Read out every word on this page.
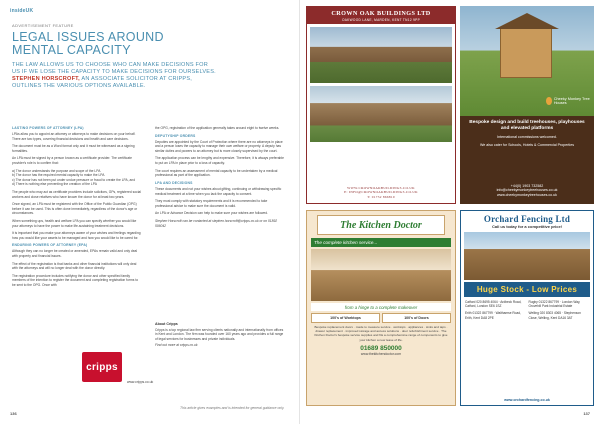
insideUK
ADVERTISEMENT FEATURE
LEGAL ISSUES AROUND MENTAL CAPACITY
THE LAW ALLOWS US TO CHOOSE WHO CAN MAKE DECISIONS FOR US IF WE LOSE THE CAPACITY TO MAKE DECISIONS FOR OURSELVES. STEPHEN HORSCROFT, AN ASSOCIATE SOLICITOR AT CRIPPS, OUTLINES THE VARIOUS OPTIONS AVAILABLE.
LASTING POWERS OF ATTORNEY (LPA)

LPAs allow you to appoint an attorney or attorneys to make decisions on your behalf. There are two types, covering financial decisions and health and care decisions.

The document must be as a Word format only and it must be witnessed as a signing formalities.

An LPA must be signed by a person known as a certificate provider. The certificate provider's role is to confirm that:

a) The donor understands the purpose and scope of the LPA
b) The donor has the required mental capacity to make the LPA
c) The donor has not been put under undue pressure or fraud to create the LPA, and

d) There is nothing else preventing the creation of the LPA

The people who may act as certificate providers include solicitors, GPs, registered social workers and close relatives who have known the donor for at least two years.

Once signed, an LPA must be registered with the Office of the Public Guardian (OPG) before it can be used. This is often done immediately, regardless of the donor's age or circumstances.

When something ups, health and welfare LPA you can specify whether you would like your attorneys to have the power to make life-sustaining treatment decisions.

It is important that you make your attorneys aware of your wishes and feelings regarding how you would like your assets to be managed and how you would like to be cared for.

ENDURING POWERS OF ATTORNEY (EPA)

Although they can no longer be created or amended, EPAs remain valid and only deal with property and financial issues.

The effect of the registration is that banks and other financial institutions will only deal with the attorneys and will no longer deal with the donor directly.

The registration procedure includes notifying the donor and other specified family members of the intention to register the document and completing registration forms to be sent to the OPG. Once with

the OPG, registration of the application generally takes around eight to twelve weeks.

DEPUTYSHIP ORDERS

Deputies are appointed by the Court of Protection where there are no attorneys in place and a person loses the capacity to manage their own welfare or property. A deputy has similar duties and powers to an attorney but is more closely supervised by the court.

The application process can be lengthy and expensive. Therefore, it is always preferable to put an LPA in place prior to a loss of capacity.

The court requires an assessment of mental capacity to be undertaken by a medical professional as part of the application.

LPA AND DECISIONS

These documents and not your wishes about gifting, continuing or withdrawing specific medical treatment at a time when you lack the capacity to consent.

They must comply with statutory requirements and it is recommended to take professional advice to make sure the document is valid.

An LPA or Advance Decision can help to make sure your wishes are followed.

Stephen Horscroft can be contacted at stephen.horscroft@cripps.co.uk or on 01892 506042

cripps
www.cripps.co.uk
About Cripps

Cripps is a top regional law firm serving clients nationally and internationally from offices in Kent and London. The firm was founded over 160 years ago and provides a full range of legal services for businesses and private individuals.

Find out more at cripps.co.uk

136
This article gives examples and is intended for general guidance only.
CROWN OAK BUILDINGS LTD
OAKWOOD LANE, MARDEN, KENT TN12 9PP
WWW.CROWNOAKBUILDINGS.CO.UK
E: INFO@CROWNOAKBUILDINGS.CO.UK
T: 01732 866810
Cheeky Monkey Tree Houses
Bespoke design and build treehouses, playhouses and elevated platforms
International commissions welcomed.
We also cater for Schools, Hotels & Commercial Properties
+44(0) 1903 732582
info@cheekymonkeytreehouses.co.uk
www.cheekymonkeytreehouses.co.uk
The Kitchen Doctor
The complete kitchen service...
from a hinge to a complete makeover
100's of Worktops	100's of Doors
Bespoke replacement doors · made to measure service · worktops · appliances · sinks and taps · drawer replacement · improved storage and access solutions · door refurbishment service · The Kitchen Doctor's bespoke service supplies and fits a comprehensive range of components to give your kitchen a new lease of life.
01689 850000
www.thekitchendoctor.com
Orchard Fencing Ltd
Call us today for a competitive price!
Huge Stock - Low Prices
Catford 020 8695 4064 · Ardbeck Road, Catford, London SE6 1SZ
Rugby 01322 867799 · London Way, Grovehill Park Industrial Estate
Erith 01322 867799 · Walthamse Road, Erith, Kent DA8 2PE
Welling 020 8303 4065 · Stephenson Close, Welling, Kent DA16 3AT
www.orchardfencing.co.uk
137
